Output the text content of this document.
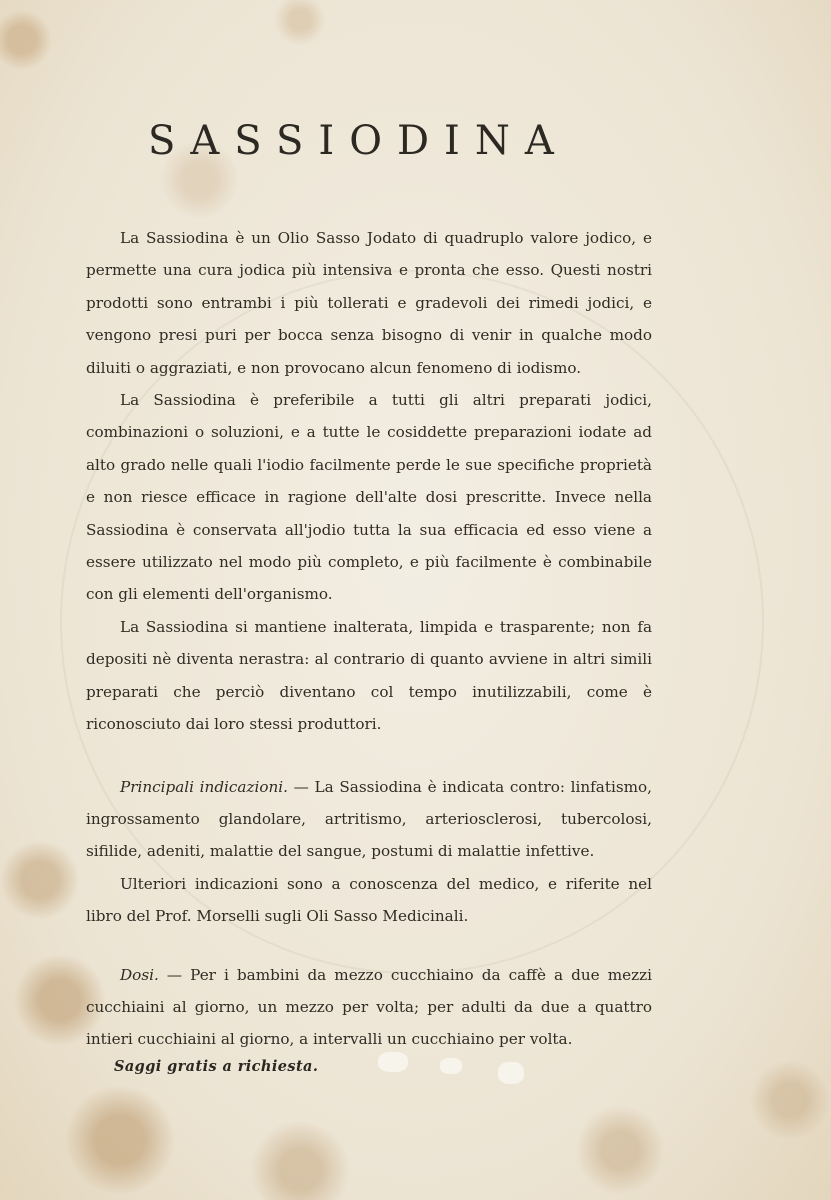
SASSIODINA

La Sassiodina è un Olio Sasso Jodato di quadruplo valore jodico, e permette una cura jodica più intensiva e pronta che esso. Questi nostri prodotti sono entrambi i più tollerati e gradevoli dei rimedi jodici, e vengono presi puri per bocca senza bisogno di venir in qualche modo diluiti o aggraziati, e non provocano alcun fenomeno di iodismo.

La Sassiodina è preferibile a tutti gli altri preparati jodici, combinazioni o soluzioni, e a tutte le cosiddette preparazioni iodate ad alto grado nelle quali l'iodio facilmente perde le sue specifiche proprietà e non riesce efficace in ragione dell'alte dosi prescritte. Invece nella Sassiodina è conservata all'jodio tutta la sua efficacia ed esso viene a essere utilizzato nel modo più completo, e più facilmente è combinabile con gli elementi dell'organismo.

La Sassiodina si mantiene inalterata, limpida e trasparente; non fa depositi nè diventa nerastra: al contrario di quanto avviene in altri simili preparati che perciò diventano col tempo inutilizzabili, come è riconosciuto dai loro stessi produttori.

Principali indicazioni. — La Sassiodina è indicata contro: linfatismo, ingrossamento glandolare, artritismo, arteriosclerosi, tubercolosi, sifilide, adeniti, malattie del sangue, postumi di malattie infettive.

Ulteriori indicazioni sono a conoscenza del medico, e riferite nel libro del Prof. Morselli sugli Oli Sasso Medicinali.

Dosi. — Per i bambini da mezzo cucchiaino da caffè a due mezzi cucchiaini al giorno, un mezzo per volta; per adulti da due a quattro intieri cucchiaini al giorno, a intervalli un cucchiaino per volta.

Saggi gratis a richiesta.
